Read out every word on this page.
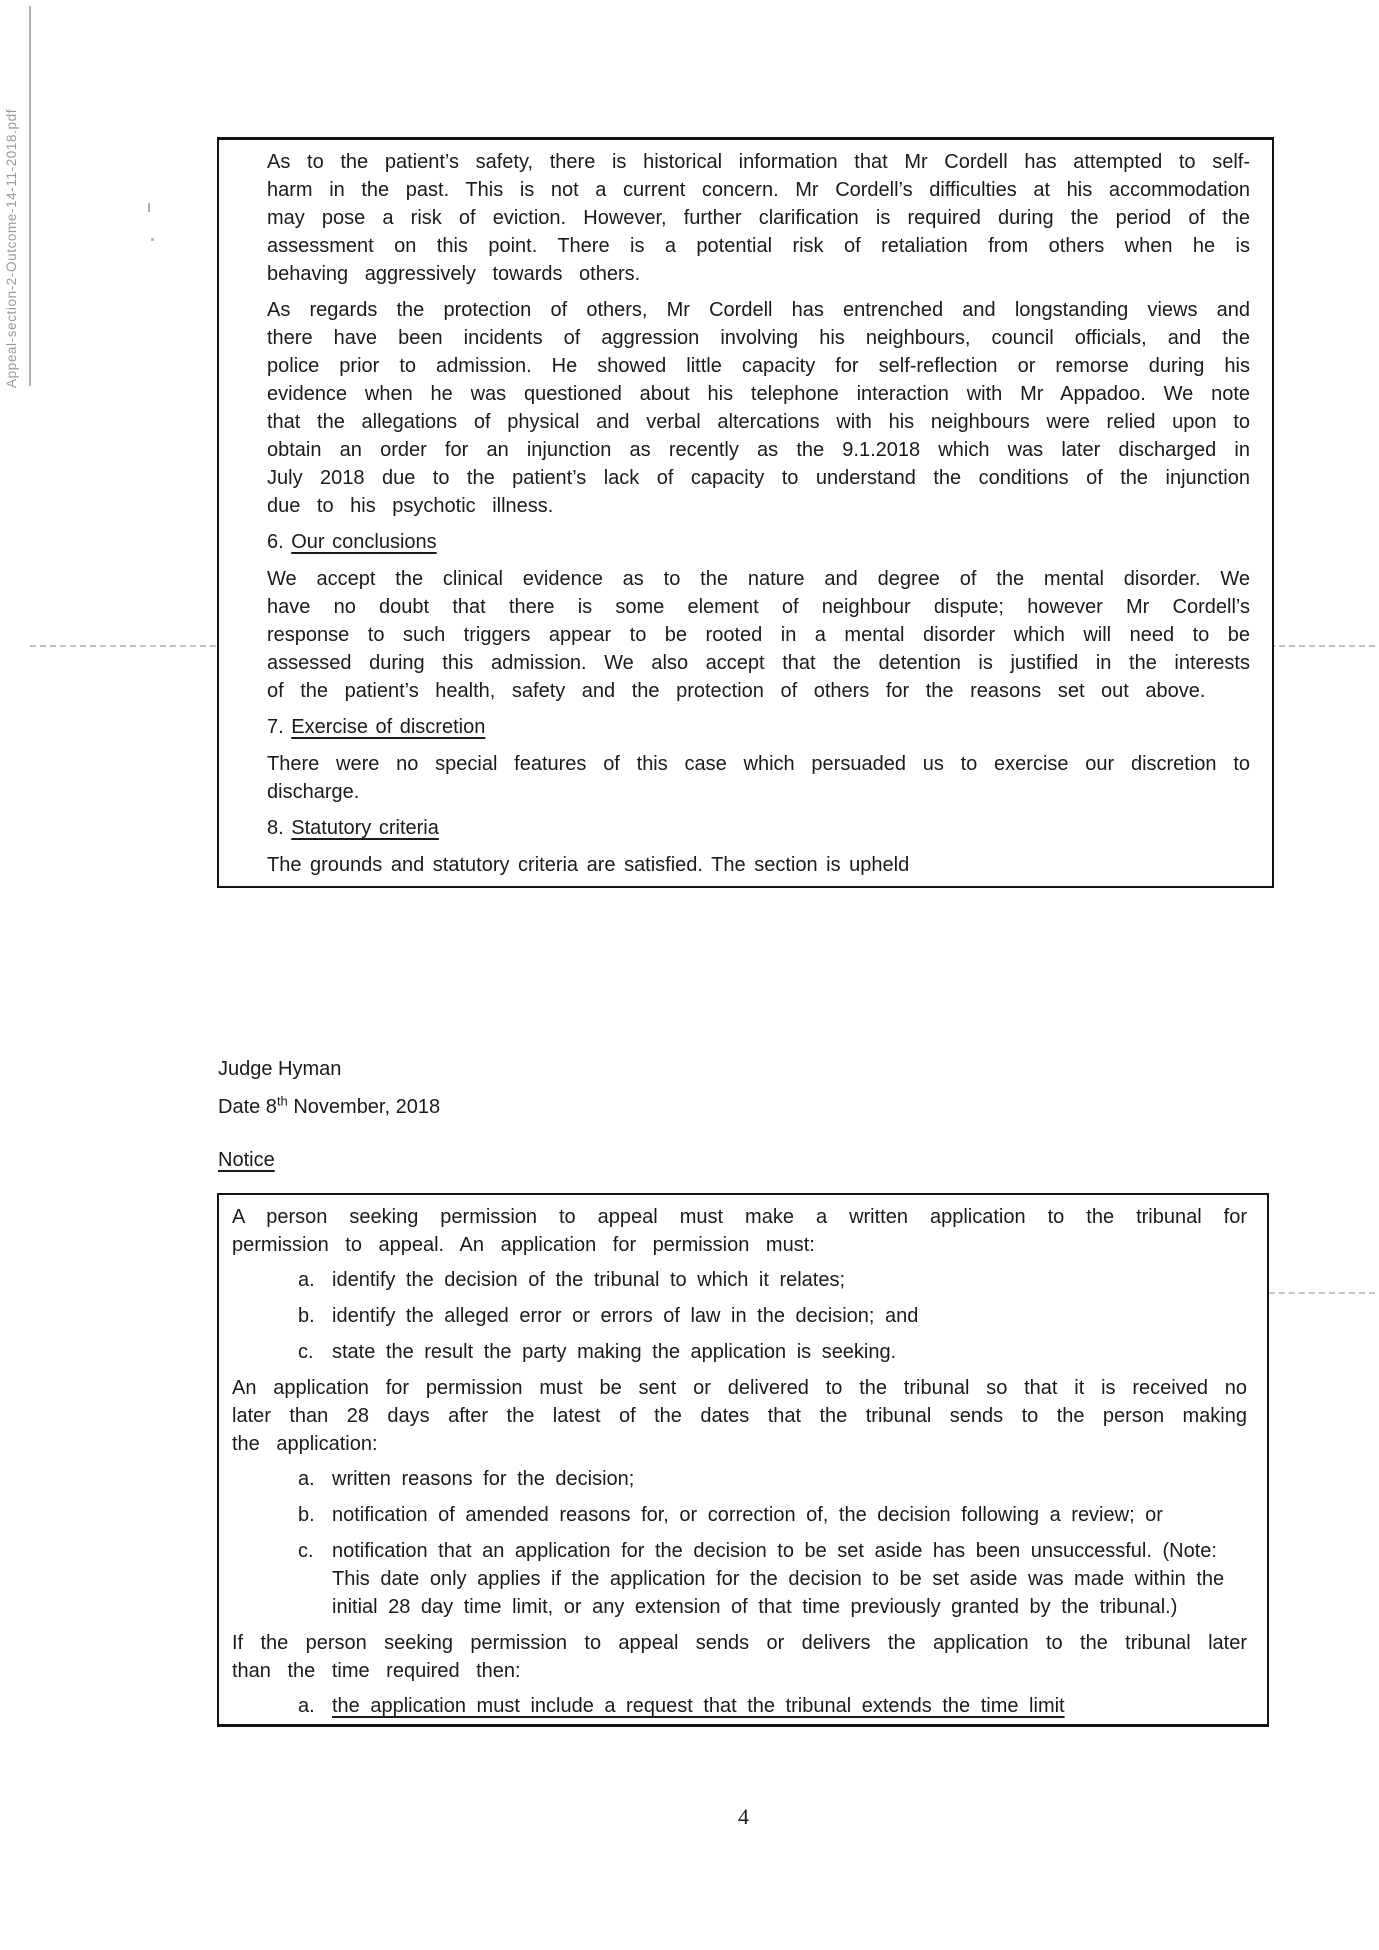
Appeal-section-2-Outcome-14-11-2018.pdf	As to the patient’s safety, there is historical information that Mr Cordell has attempted to self-harm in the past. This is not a current concern. Mr Cordell’s difficulties at his accommodation may pose a risk of eviction. However, further clarification is required during the period of the assessment on this point. There is a potential risk of retaliation from others when he is behaving aggressively towards others.

As regards the protection of others, Mr Cordell has entrenched and longstanding views and there have been incidents of aggression involving his neighbours, council officials, and the police prior to admission. He showed little capacity for self-reflection or remorse during his evidence when he was questioned about his telephone interaction with Mr Appadoo. We note that the allegations of physical and verbal altercations with his neighbours were relied upon to obtain an order for an injunction as recently as the 9.1.2018 which was later discharged in July 2018 due to the patient’s lack of capacity to understand the conditions of the injunction due to his psychotic illness.

6. Our conclusions

We accept the clinical evidence as to the nature and degree of the mental disorder. We have no doubt that there is some element of neighbour dispute; however Mr Cordell’s response to such triggers appear to be rooted in a mental disorder which will need to be assessed during this admission. We also accept that the detention is justified in the interests of the patient’s health, safety and the protection of others for the reasons set out above.

7. Exercise of discretion

There were no special features of this case which persuaded us to exercise our discretion to discharge.

8. Statutory criteria

The grounds and statutory criteria are satisfied. The section is upheld

Judge Hyman
Date 8th November, 2018
Notice

A person seeking permission to appeal must make a written application to the tribunal for permission to appeal. An application for permission must:

a. identify the decision of the tribunal to which it relates;
b. identify the alleged error or errors of law in the decision; and
c. state the result the party making the application is seeking.

An application for permission must be sent or delivered to the tribunal so that it is received no later than 28 days after the latest of the dates that the tribunal sends to the person making the application:

a. written reasons for the decision;
b. notification of amended reasons for, or correction of, the decision following a review; or
c. notification that an application for the decision to be set aside has been unsuccessful. (Note: This date only applies if the application for the decision to be set aside was made within the initial 28 day time limit, or any extension of that time previously granted by the tribunal.)

If the person seeking permission to appeal sends or delivers the application to the tribunal later than the time required then:

a. the application must include a request that the tribunal extends the time limit
4
